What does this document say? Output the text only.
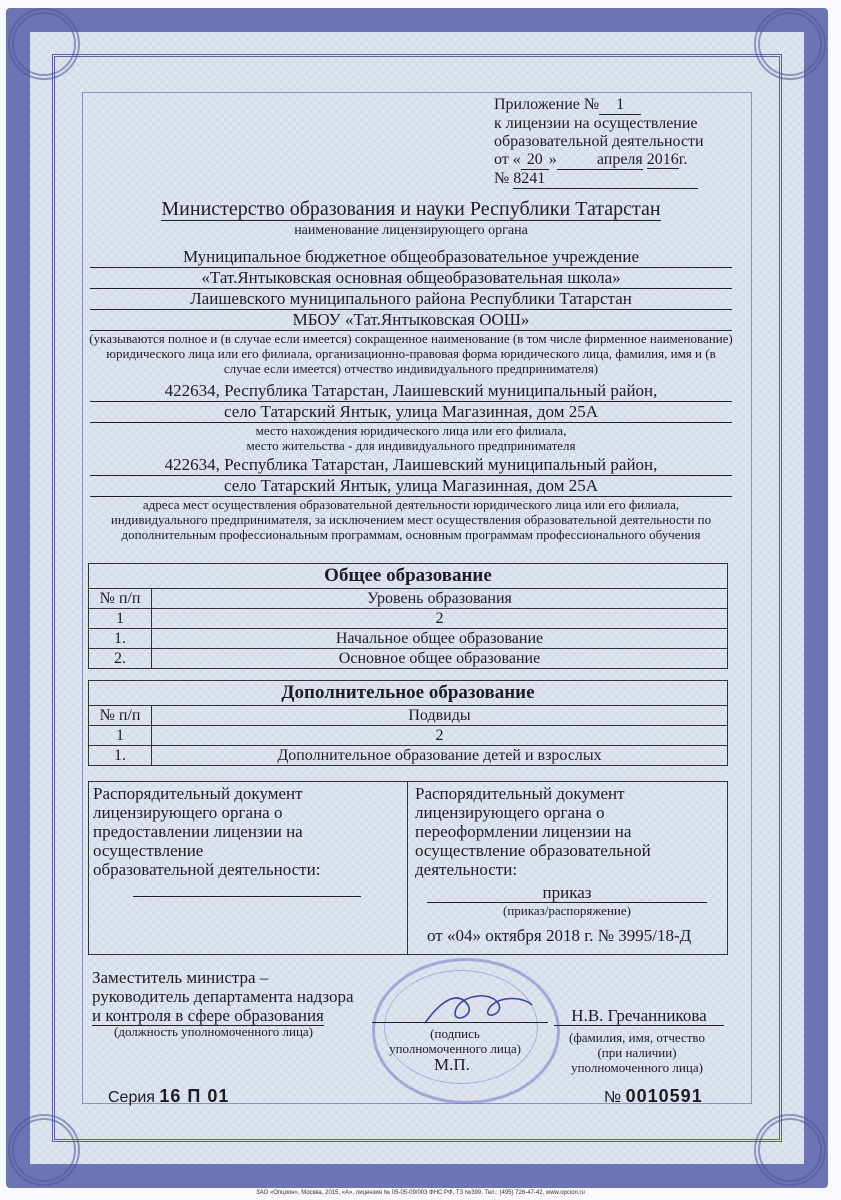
Приложение № 1
к лицензии на осуществление
образовательной деятельности
от « 20 »	апреля 2016г.
№ 8241
Министерство образования и науки Республики Татарстан
наименование лицензирующего органа
Муниципальное бюджетное общеобразовательное учреждение
«Тат.Янтыковская основная общеобразовательная школа»
Лаишевского муниципального района Республики Татарстан
МБОУ «Тат.Янтыковская ООШ»
(указываются полное и (в случае если имеется) сокращенное наименование (в том числе фирменное наименование) юридического лица или его филиала, организационно-правовая форма юридического лица, фамилия, имя и (в случае если имеется) отчество индивидуального предпринимателя)
422634, Республика Татарстан, Лаишевский муниципальный район,
село Татарский Янтык, улица Магазинная, дом 25А
место нахождения юридического лица или его филиала,
место жительства - для индивидуального предпринимателя
422634, Республика Татарстан, Лаишевский муниципальный район,
село Татарский Янтык, улица Магазинная, дом 25А
адреса мест осуществления образовательной деятельности юридического лица или его филиала, индивидуального предпринимателя, за исключением мест осуществления образовательной деятельности по дополнительным профессиональным программам, основным программам профессионального обучения
Общее образование	
№ п/п	Уровень образования
1	2
1.	Начальное общее образование
2.	Основное общее образование
Дополнительное образование	
№ п/п	Подвиды
1	2
1.	Дополнительное образование детей и взрослых
Распорядительный документ лицензирующего органа о предоставлении лицензии на осуществление образовательной деятельности:
Распорядительный документ лицензирующего органа о переоформлении лицензии на осуществление образовательной деятельности:
приказ
(приказ/распоряжение)
от «04» октября 2018 г. № 3995/18-Д
Заместитель министра –
руководитель департамента надзора
и контроля в сфере образования
(должность уполномоченного лица)	(подпись
уполномоченного лица)
М.П.
Н.В. Гречанникова
(фамилия, имя, отчество
(при наличии)
уполномоченного лица)
Серия 16 П 01	№ 0010591
ЗАО «Опцион», Москва, 2015, «А», лицензия № 05-05-09/003 ФНС РФ, ТЗ №399. Тел.: (495) 726-47-42, www.opcion.ru
